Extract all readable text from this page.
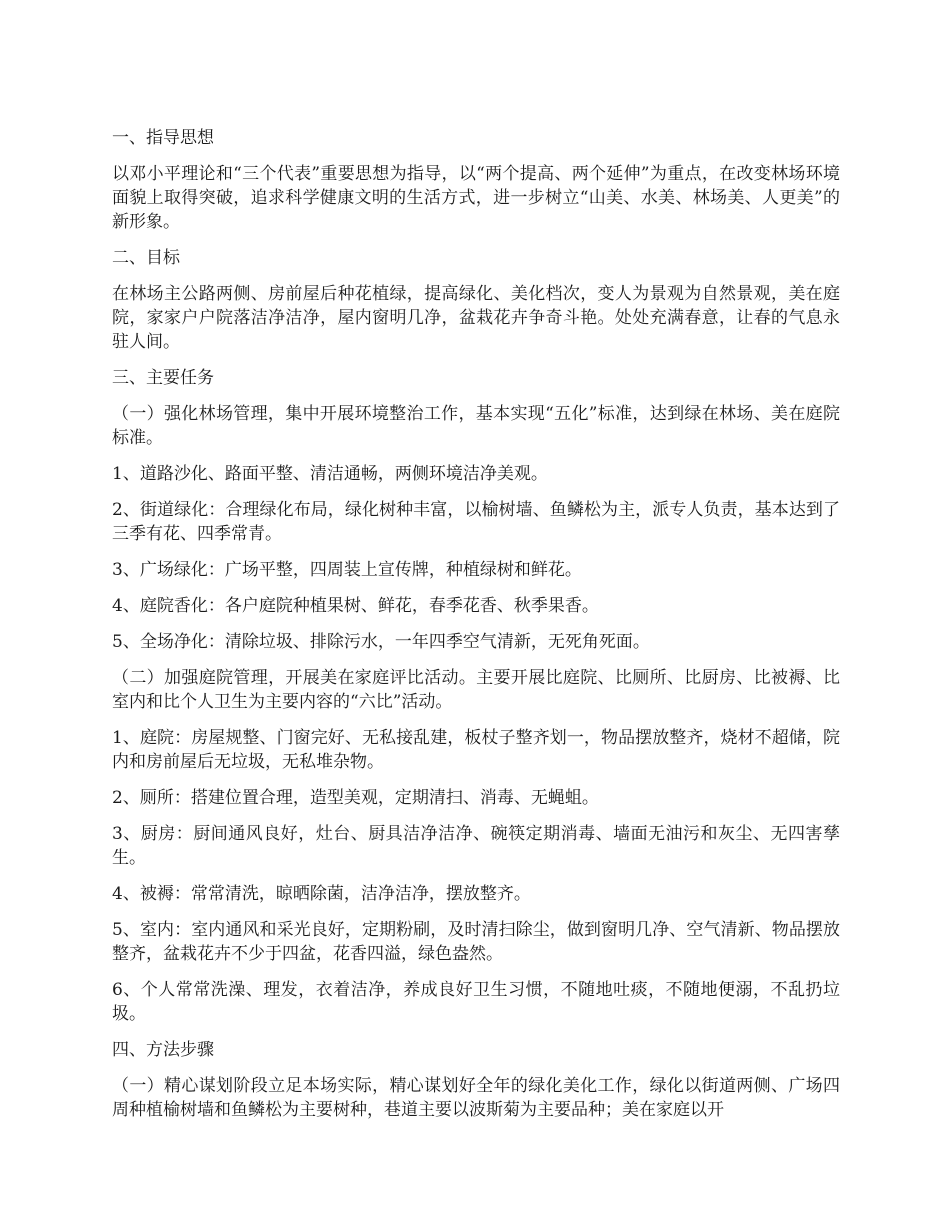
一、指导思想

以邓小平理论和“三个代表”重要思想为指导，以“两个提高、两个延伸”为重点，在改变林场环境面貌上取得突破，追求科学健康文明的生活方式，进一步树立“山美、水美、林场美、人更美”的新形象。

二、目标

在林场主公路两侧、房前屋后种花植绿，提高绿化、美化档次，变人为景观为自然景观，美在庭院，家家户户院落洁净洁净，屋内窗明几净，盆栽花卉争奇斗艳。处处充满春意，让春的气息永驻人间。

三、主要任务

（一）强化林场管理，集中开展环境整治工作，基本实现“五化”标准，达到绿在林场、美在庭院标准。

1、道路沙化、路面平整、清洁通畅，两侧环境洁净美观。

2、街道绿化：合理绿化布局，绿化树种丰富，以榆树墙、鱼鳞松为主，派专人负责，基本达到了三季有花、四季常青。

3、广场绿化：广场平整，四周装上宣传牌，种植绿树和鲜花。

4、庭院香化：各户庭院种植果树、鲜花，春季花香、秋季果香。

5、全场净化：清除垃圾、排除污水，一年四季空气清新，无死角死面。

（二）加强庭院管理，开展美在家庭评比活动。主要开展比庭院、比厕所、比厨房、比被褥、比室内和比个人卫生为主要内容的“六比”活动。

1、庭院：房屋规整、门窗完好、无私接乱建，板杖子整齐划一，物品摆放整齐，烧材不超储，院内和房前屋后无垃圾，无私堆杂物。

2、厕所：搭建位置合理，造型美观，定期清扫、消毒、无蝇蛆。

3、厨房：厨间通风良好，灶台、厨具洁净洁净、碗筷定期消毒、墙面无油污和灰尘、无四害孳生。

4、被褥：常常清洗，晾晒除菌，洁净洁净，摆放整齐。

5、室内：室内通风和采光良好，定期粉刷，及时清扫除尘，做到窗明几净、空气清新、物品摆放整齐，盆栽花卉不少于四盆，花香四溢，绿色盎然。

6、个人常常洗澡、理发，衣着洁净，养成良好卫生习惯，不随地吐痰，不随地便溺，不乱扔垃圾。

四、方法步骤

（一）精心谋划阶段立足本场实际，精心谋划好全年的绿化美化工作，绿化以街道两侧、广场四周种植榆树墙和鱼鳞松为主要树种，巷道主要以波斯菊为主要品种；美在家庭以开
